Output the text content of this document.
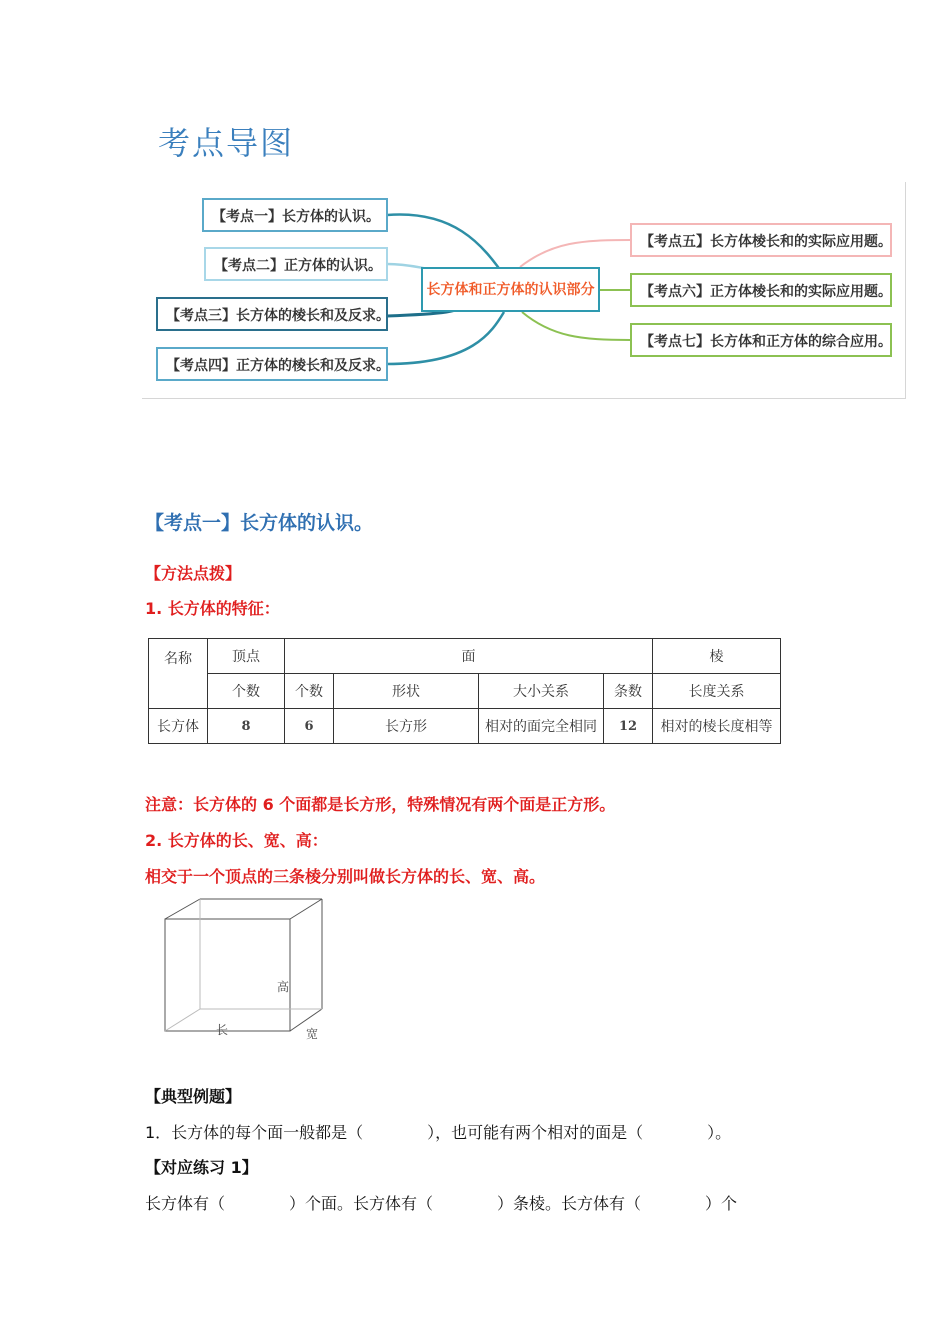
考点导图
【考点一】长方体的认识。
【考点二】正方体的认识。
【考点三】长方体的棱长和及反求。
【考点四】正方体的棱长和及反求。
长方体和正方体的认识部分
【考点五】长方体棱长和的实际应用题。
【考点六】正方体棱长和的实际应用题。
【考点七】长方体和正方体的综合应用。
【考点一】长方体的认识。
【方法点拨】
1. 长方体的特征：
名称	顶点	面				棱
	个数	个数	形状	大小关系	条数	长度关系
长方体	8	6	长方形	相对的面完全相同	12	相对的棱长度相等
注意：长方体的 6 个面都是长方形，特殊情况有两个面是正方形。
2. 长方体的长、宽、高：
相交于一个顶点的三条棱分别叫做长方体的长、宽、高。
高
长	宽
【典型例题】
1．长方体的每个面一般都是（　　　　），也可能有两个相对的面是（　　　　）。
【对应练习 1】
长方体有（　　　　）个面。长方体有（　　　　）条棱。长方体有（　　　　）个
